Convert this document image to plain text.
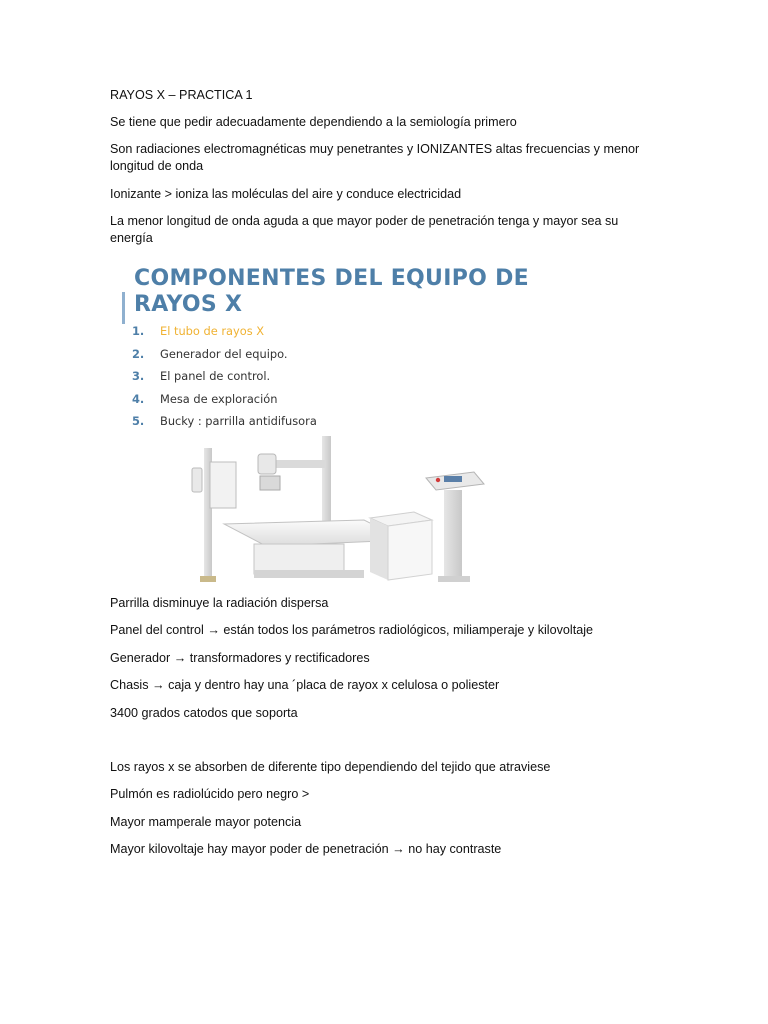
RAYOS X – PRACTICA 1

Se tiene que pedir adecuadamente dependiendo a la semiología primero

Son radiaciones electromagnéticas muy penetrantes y IONIZANTES altas frecuencias y menor longitud de onda

Ionizante > ioniza las moléculas del aire y conduce electricidad

La menor longitud de onda aguda a que mayor poder de penetración tenga y mayor sea su energía

COMPONENTES DEL EQUIPO DE RAYOS X
1. El tubo de rayos X
2. Generador del equipo.
3. El panel de control.
4. Mesa de exploración
5. Bucky : parrilla antidifusora

Parrilla disminuye la radiación dispersa

Panel del control → están todos los parámetros radiológicos, miliamperaje y kilovoltaje

Generador → transformadores y rectificadores

Chasis → caja y dentro hay una ´placa de rayox x celulosa o poliester

3400 grados catodos que soporta

Los rayos x se absorben de diferente tipo dependiendo del tejido que atraviese

Pulmón es radiolúcido pero negro >

Mayor mamperale mayor potencia

Mayor kilovoltaje hay mayor poder de penetración → no hay contraste
